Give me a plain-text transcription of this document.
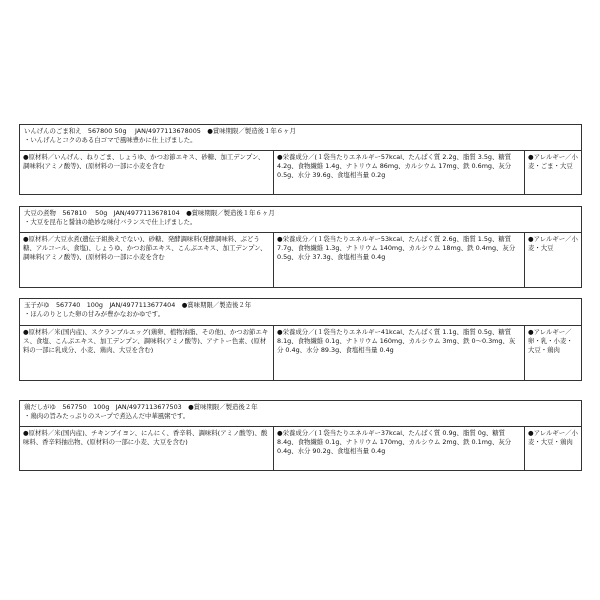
いんげんのごま和え　567800 50g　 JAN/4977113678005　●賞味期限／製造後１年６ヶ月
・いんげんとコクのある白ゴマで風味豊かに仕上げました。
●原材料／いんげん、ねりごま、しょうゆ、かつお節エキス、砂糖、加工デンプン、調味料(アミノ酸等)、(原材料の一部に小麦を含む
●栄養成分／(１袋当たりエネルギー57kcal、たんぱく質 2.2g、脂質 3.5g、糖質 4.2g、食物繊維 1.4g、ナトリウム 86mg、カルシウム 17mg、鉄 0.6mg、灰分 0.5g、水分 39.6g、食塩相当量 0.2g
●アレルギー／小麦・ごま・大豆
大豆の煮物　567810　 50g　JAN/4977113678104　●賞味期限／製造後１年６ヶ月
・大豆を昆布と醤油の絶妙な味付バランスで仕上げました。
●原材料／大豆水煮(遺伝子組換えでない)、砂糖、発酵調味料(発酵調味料、ぶどう糖、アルコール、食塩)、しょうゆ、かつお節エキス、こんぶエキス、加工デンプン、調味料(アミノ酸等)、(原材料の一部に小麦を含む
●栄養成分／(１袋当たりエネルギー53kcal、たんぱく質 2.6g、脂質 1.5g、糖質 7.7g、食物繊維 1.3g、ナトリウム 140mg、カルシウム 18mg、鉄 0.4mg、灰分 0.5g、水分 37.3g、食塩相当量 0.4g
●アレルギー／小麦・大豆
玉子がゆ　567740　100g　JAN/4977113677404　●賞味期限／製造後２年
・ほんのりとした卵の甘みが豊かなおかゆです。
●原材料／米(国内産)、スクランブルエッグ(鶏卵、植物油脂、その他)、かつお節エキス、食塩、こんぶエキス、加工デンプン、調味料(アミノ酸等)、アナトー色素、(原材料の一部に乳成分、小麦、鶏肉、大豆を含む)
●栄養成分／(１袋当たりエネルギー41kcal、たんぱく質 1.1g、脂質 0.5g、糖質 8.1g、食物繊維 0.1g、ナトリウム 160mg、カルシウム 3mg、鉄 0～0.3mg、灰分 0.4g、水分 89.3g、食塩相当量 0.4g
●アレルギー／卵・乳・小麦・大豆・鶏肉
鶏だしがゆ　567750　100g　JAN/4977113677503　●賞味期限／製造後２年
・鶏肉の旨みたっぷりのスープで煮込んだ中華風粥です。
●原材料／米(国内産)、チキンブイヨン、にんにく、香辛料、調味料(アミノ酸等)、酸味料、香辛料抽出物、(原材料の一部に小麦、大豆を含む)
●栄養成分／(１袋当たりエネルギー37kcal、たんぱく質 0.9g、脂質 0g、糖質 8.4g、食物繊維 0.1g、ナトリウム 170mg、カルシウム 2mg、鉄 0.1mg、灰分 0.4g、水分 90.2g、食塩相当量 0.4g
●アレルギー／小麦・大豆・鶏肉
